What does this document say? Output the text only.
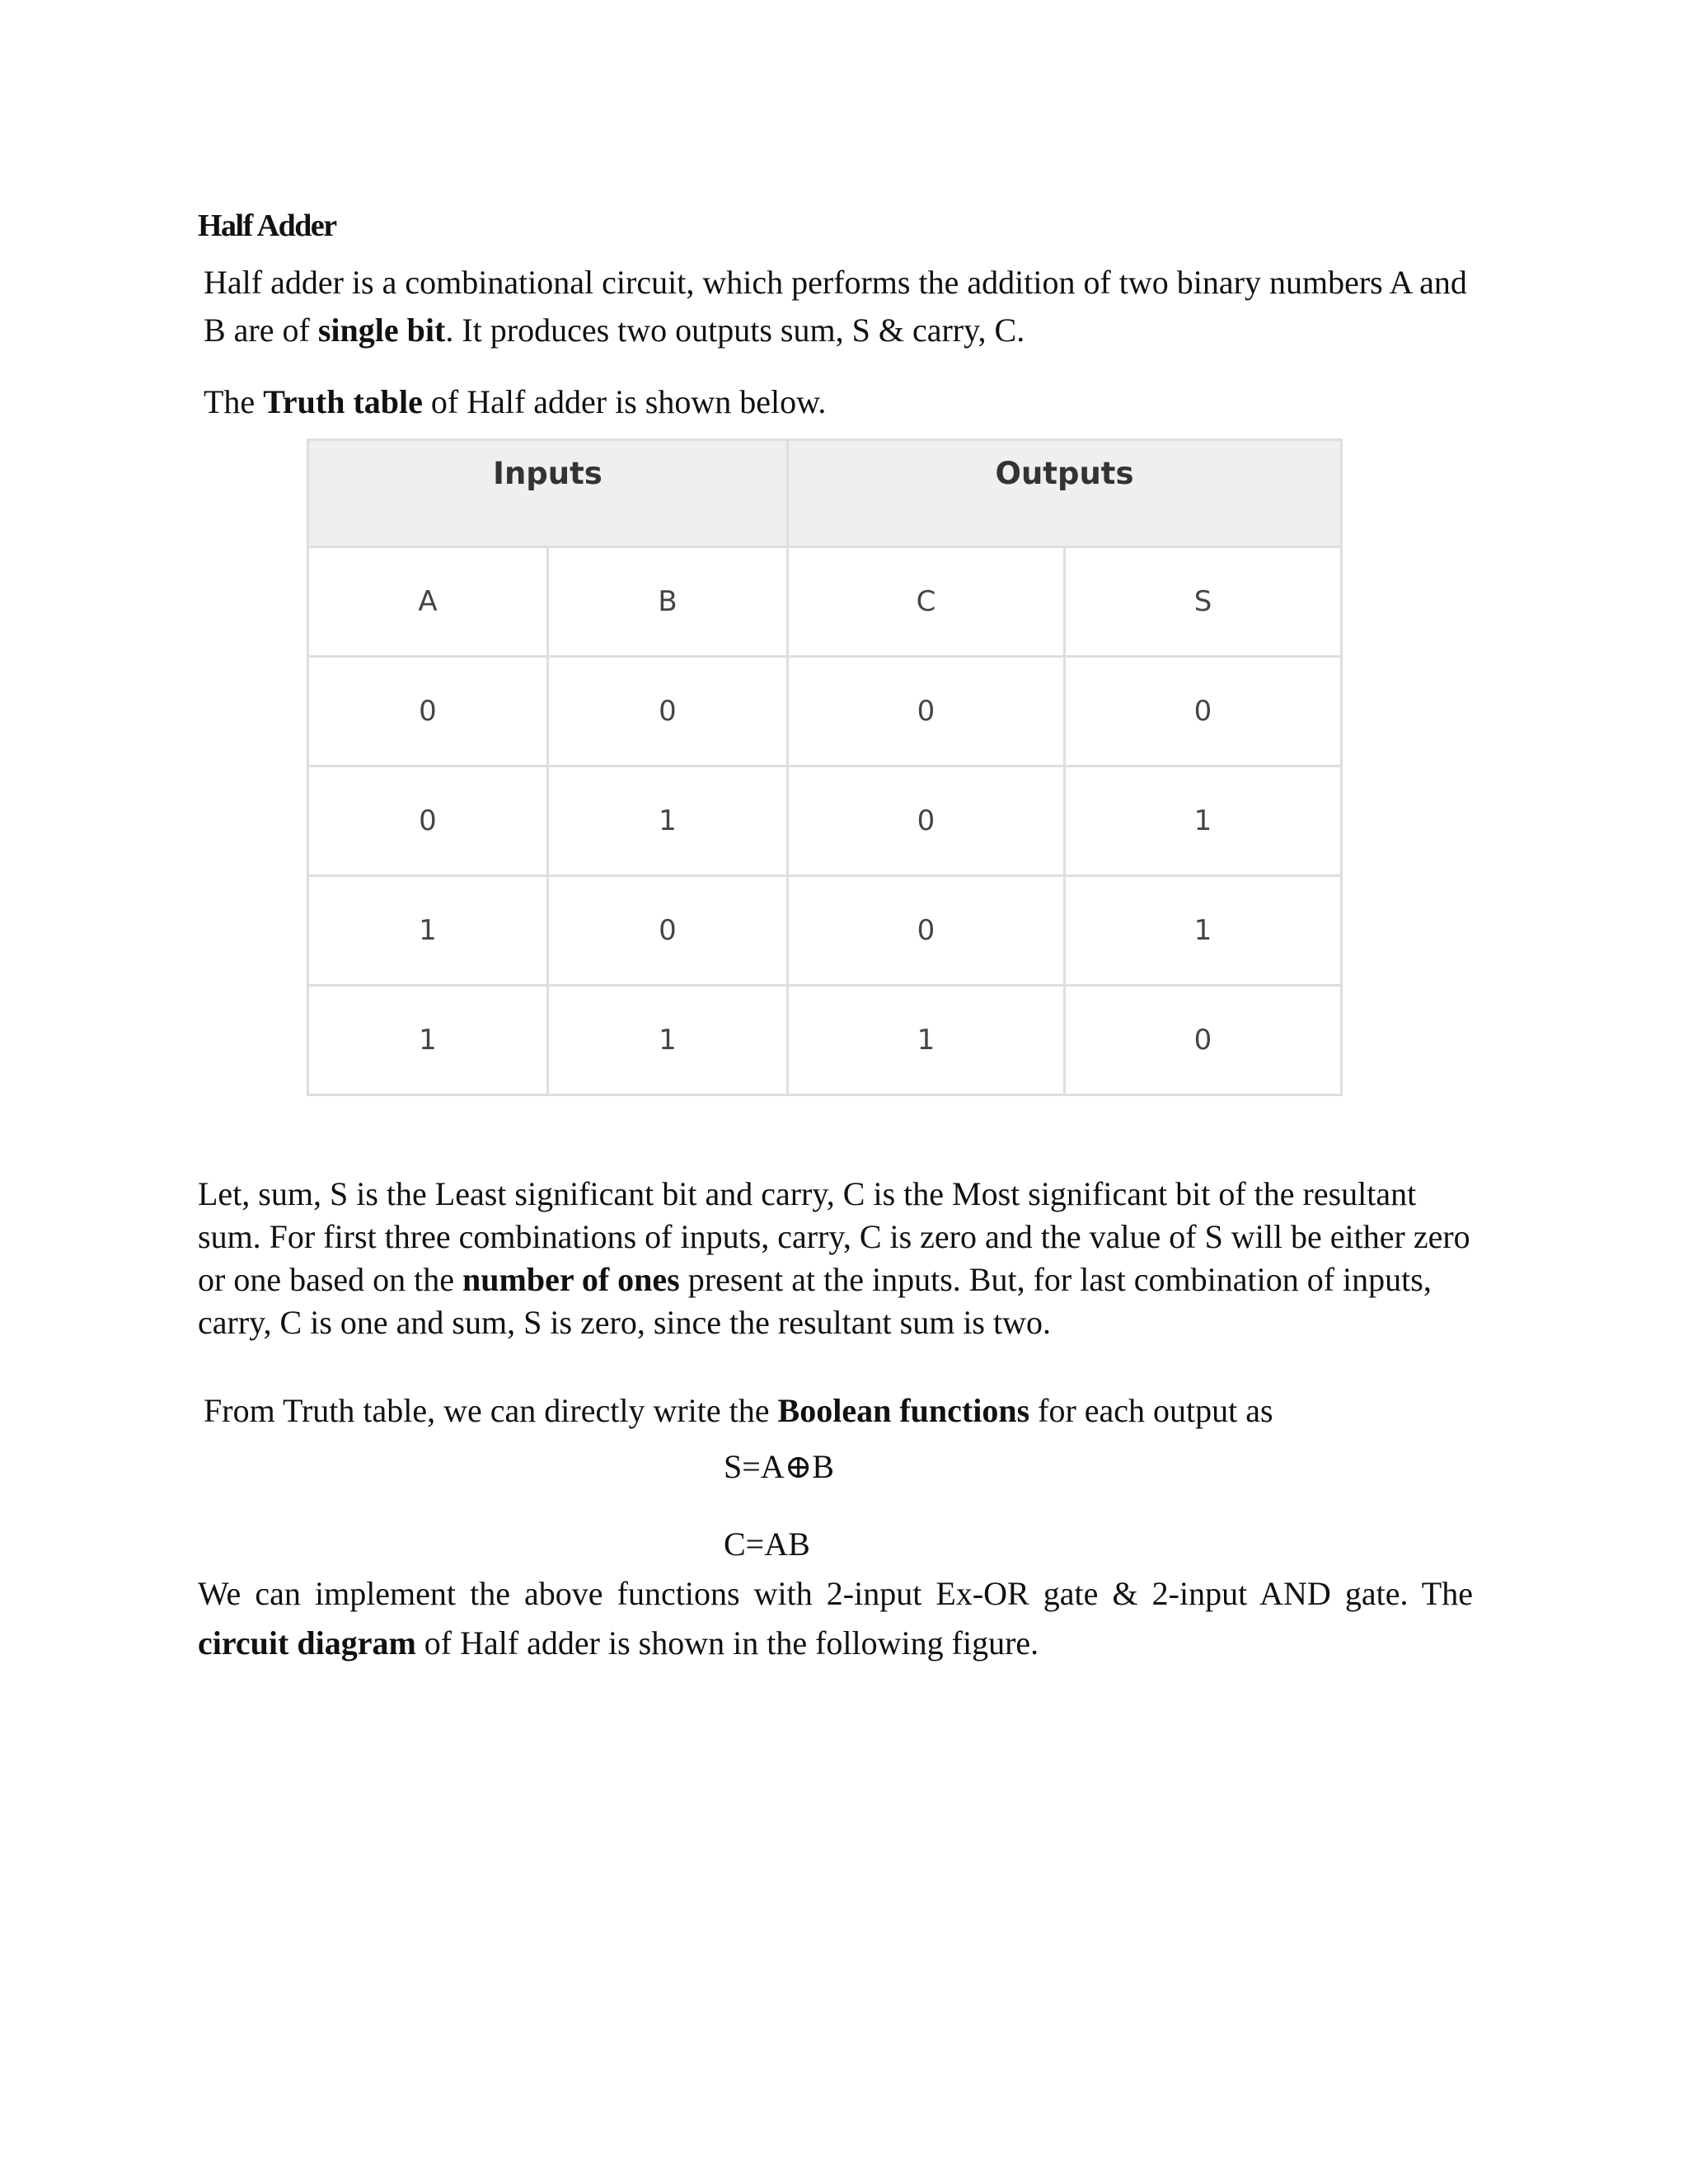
Half Adder

Half adder is a combinational circuit, which performs the addition of two binary numbers A and B are of single bit. It produces two outputs sum, S & carry, C.

The Truth table of Half adder is shown below.

Inputs		Outputs	
A	B	C	S
0	0	0	0
0	1	0	1
1	0	0	1
1	1	1	0

Let, sum, S is the Least significant bit and carry, C is the Most significant bit of the resultant sum. For first three combinations of inputs, carry, C is zero and the value of S will be either zero or one based on the number of ones present at the inputs. But, for last combination of inputs, carry, C is one and sum, S is zero, since the resultant sum is two.

From Truth table, we can directly write the Boolean functions for each output as

S=A⊕B

C=AB

We can implement the above functions with 2-input Ex-OR gate & 2-input AND gate. The circuit diagram of Half adder is shown in the following figure.
